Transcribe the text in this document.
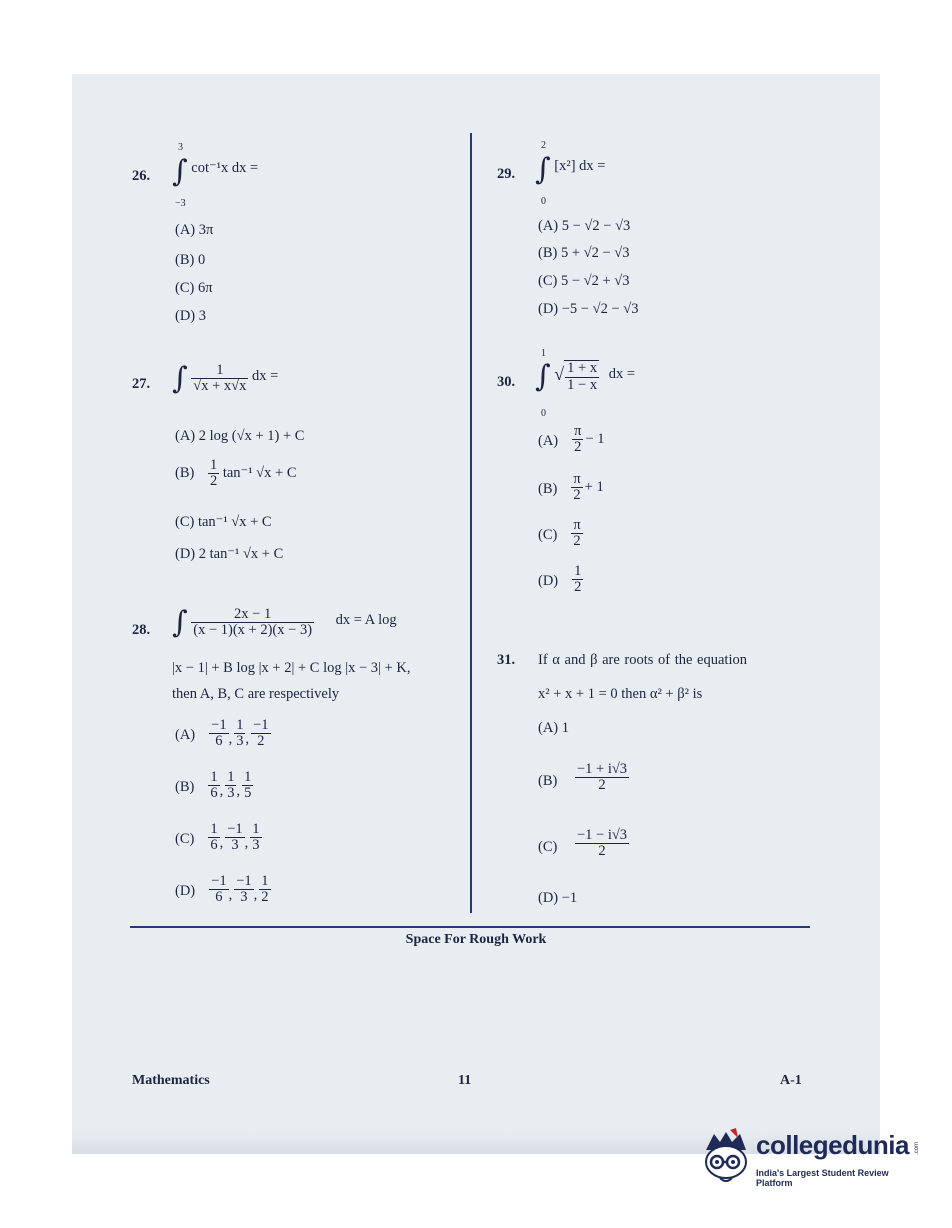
26.
3
−3
∫ cot⁻¹x dx =
(A) 3π
(B) 0
(C) 6π
(D) 3
27. ∫ $\frac{1}{√x + x√x}$ dx =
(A) 2 log (√x + 1) + C
$(B) \frac{1}{2} \tan^{-1}$ √x + C
(C) tan⁻¹ √x + C
(D) 2 tan⁻¹ √x + C
28. ∫ $\frac{2x - 1}{(x - 1)(x + 2)(x - 3)}$ dx = A log
|x − 1| + B log |x + 2| + C log |x − 3| + K,
then A, B, C are respectively
$(A) \frac{-1}{6}$ , $\frac{1}{3}$ , $\frac{-1}{2}$
$(B) \frac{1}{6}$ , $\frac{1}{3}$ , $\frac{1}{5}$
$(C) \frac{1}{6}$ , $\frac{-1}{3}$ , $\frac{1}{3}$
$(D) \frac{-1}{6}$ , $\frac{-1}{3}$ , $\frac{1}{2}$
29.
2
0
∫ [x²] dx =
(A) 5 − √2 − √3
(B) 5 + √2 − √3
(C) 5 − √2 + √3
(D) −5 − √2 − √3
30.
1
0
∫ √ $\frac{1 + x}{1 - x}$ dx =
$(A) \frac{\pi}{2} - 1$
$(B) \frac{\pi}{2} + 1$
$(C) \frac{\pi}{2}$
$(D) \frac{1}{2}$
31. If α and β are roots of the equation
x² + x + 1 = 0 then α² + β² is
(A) 1
$(B) \frac{-1 + i√3}{2}$
$(C) \frac{-1 - i√3}{2}$
(D) −1
Space For Rough Work
Mathematics	11	A-1
collegedunia .com
India's Largest Student Review Platform
